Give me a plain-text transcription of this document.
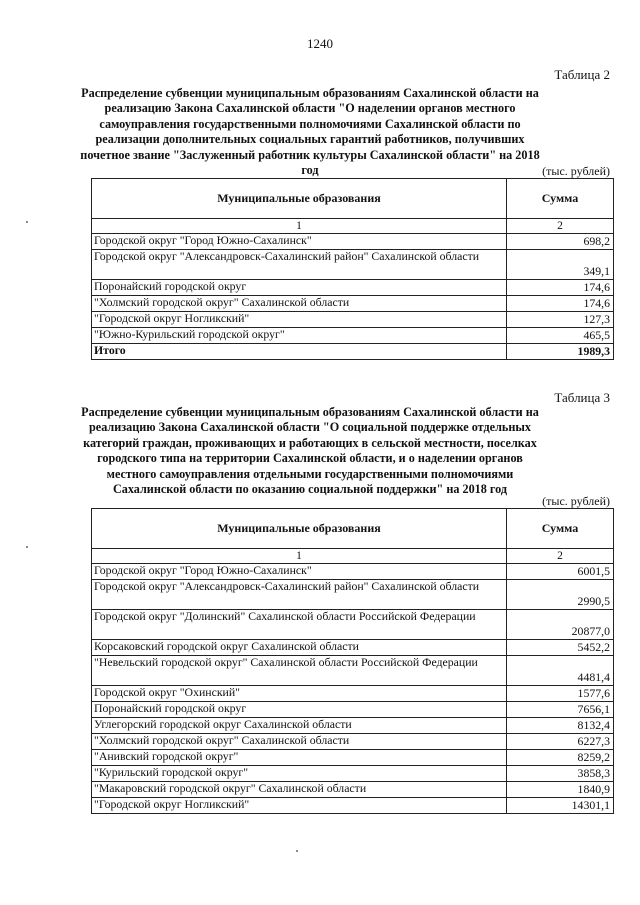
1240
Таблица 2
Распределение субвенции муниципальным образованиям Сахалинской области на реализацию Закона Сахалинской области "О наделении органов местного самоуправления государственными полномочиями Сахалинской области по реализации дополнительных социальных гарантий работников, получивших почетное звание "Заслуженный работник культуры Сахалинской области" на 2018 год	(тыс. рублей)
Муниципальные образования	Сумма
1	2
Городской округ "Город Южно-Сахалинск"	698,2
Городской округ "Александровск-Сахалинский район" Сахалинской области	349,1
Поронайский городской округ	174,6
"Холмский городской округ" Сахалинской области	174,6
"Городской округ Ногликский"	127,3
"Южно-Курильский городской округ"	465,5
Итого	1989,3
Таблица 3
Распределение субвенции муниципальным образованиям Сахалинской области на реализацию Закона Сахалинской области "О социальной поддержке отдельных категорий граждан, проживающих и работающих в сельской местности, поселках городского типа на территории Сахалинской области, и о наделении органов местного самоуправления отдельными государственными полномочиями Сахалинской области по оказанию социальной поддержки" на 2018 год
(тыс. рублей)
Муниципальные образования	Сумма
1	2
Городской округ "Город Южно-Сахалинск"	6001,5
Городской округ "Александровск-Сахалинский район" Сахалинской области	2990,5
Городской округ "Долинский" Сахалинской области Российской Федерации	20877,0
Корсаковский городской округ Сахалинской области	5452,2
"Невельский городской округ" Сахалинской области Российской Федерации	4481,4
Городской округ "Охинский"	1577,6
Поронайский городской округ	7656,1
Углегорский городской округ Сахалинской области	8132,4
"Холмский городской округ" Сахалинской области	6227,3
"Анивский городской округ"	8259,2
"Курильский городской округ"	3858,3
"Макаровский городской округ" Сахалинской области	1840,9
"Городской округ Ногликский"	14301,1
